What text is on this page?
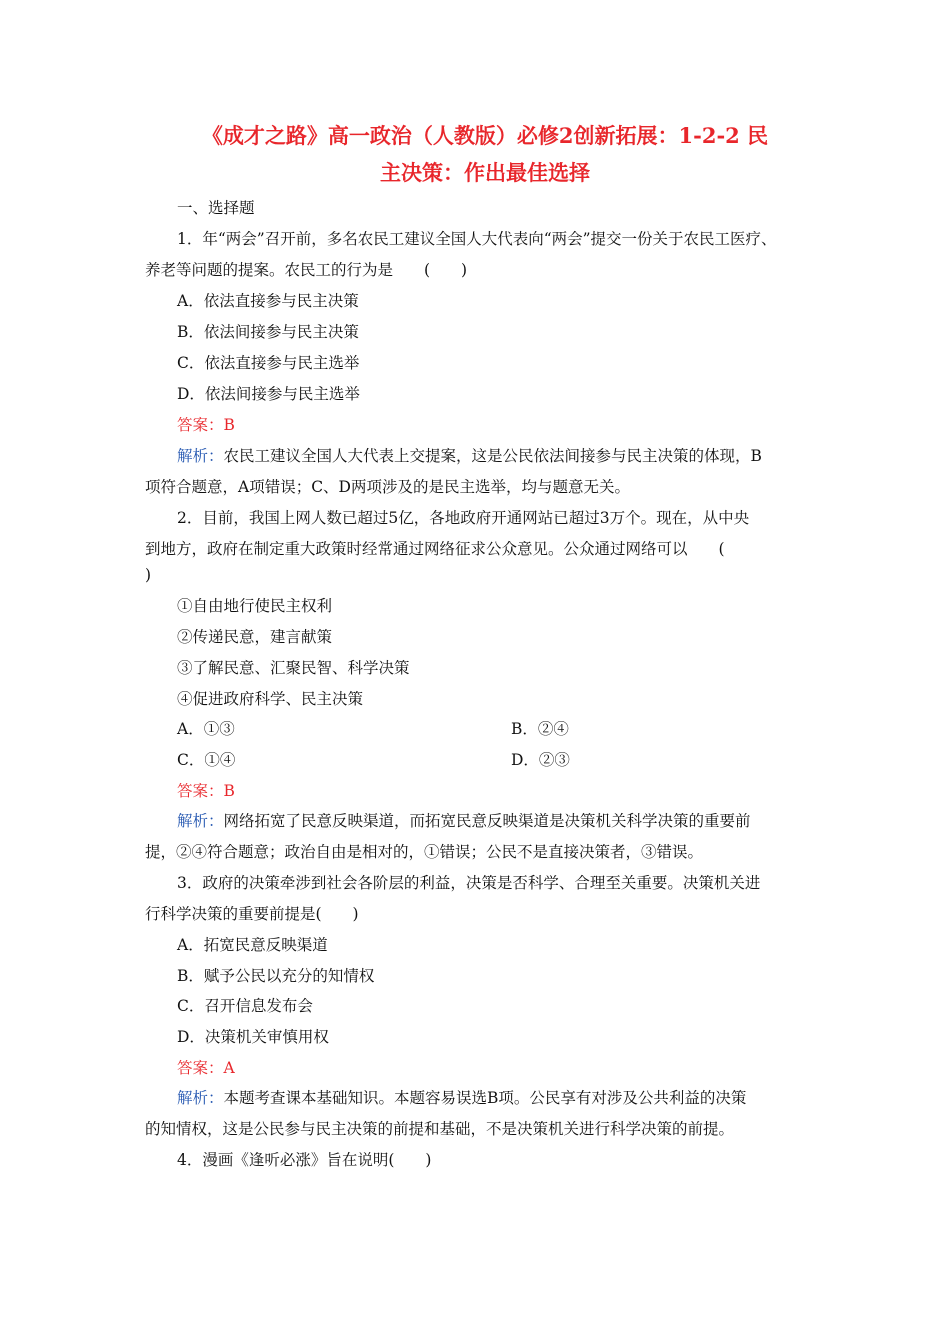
《成才之路》高一政治（人教版）必修2创新拓展：1-2-2 民
主决策：作出最佳选择
一、选择题
1．年“两会”召开前，多名农民工建议全国人大代表向“两会”提交一份关于农民工医疗、
养老等问题的提案。农民工的行为是　　(　　)
A．依法直接参与民主决策
B．依法间接参与民主决策
C．依法直接参与民主选举
D．依法间接参与民主选举
答案：B
解析：农民工建议全国人大代表上交提案，这是公民依法间接参与民主决策的体现，B
项符合题意，A项错误；C、D两项涉及的是民主选举，均与题意无关。
2．目前，我国上网人数已超过5亿，各地政府开通网站已超过3万个。现在，从中央
到地方，政府在制定重大政策时经常通过网络征求公众意见。公众通过网络可以　　(
)
①自由地行使民主权利
②传递民意，建言献策
③了解民意、汇聚民智、科学决策
④促进政府科学、民主决策
A．①③	B．②④
C．①④	D．②③
答案：B
解析：网络拓宽了民意反映渠道，而拓宽民意反映渠道是决策机关科学决策的重要前
提，②④符合题意；政治自由是相对的，①错误；公民不是直接决策者，③错误。
3．政府的决策牵涉到社会各阶层的利益，决策是否科学、合理至关重要。决策机关进
行科学决策的重要前提是(　　)
A．拓宽民意反映渠道
B．赋予公民以充分的知情权
C．召开信息发布会
D．决策机关审慎用权
答案：A
解析：本题考查课本基础知识。本题容易误选B项。公民享有对涉及公共利益的决策
的知情权，这是公民参与民主决策的前提和基础，不是决策机关进行科学决策的前提。
4．漫画《逢听必涨》旨在说明(　　)
